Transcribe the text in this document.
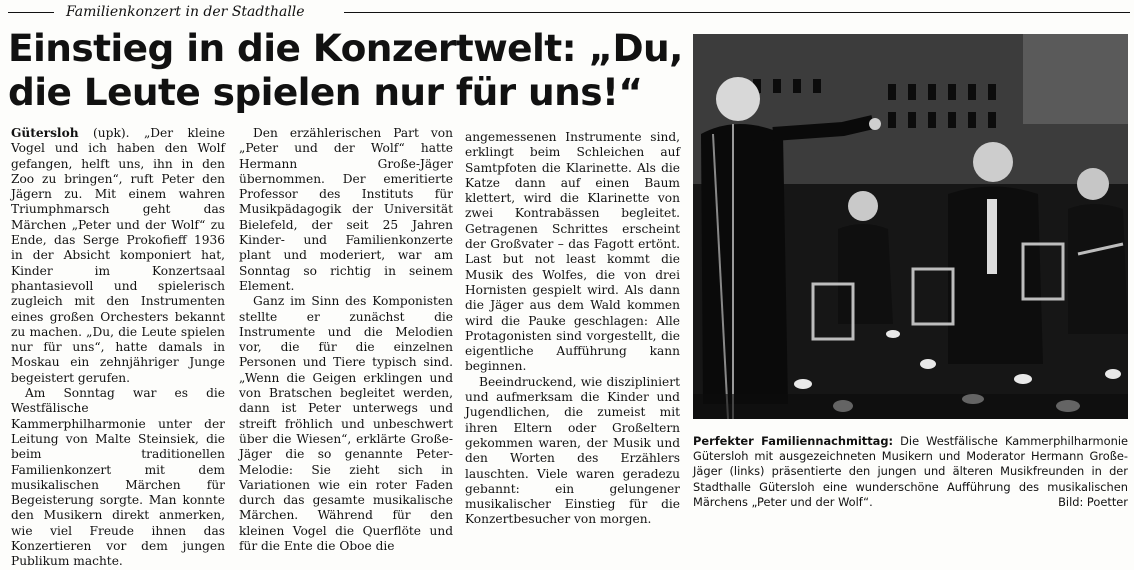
Familienkonzert in der Stadthalle
Einstieg in die Konzertwelt: „Du,
die Leute spielen nur für uns!“

Gütersloh (upk). „Der kleine Vogel und ich haben den Wolf gefangen, helft uns, ihn in den Zoo zu bringen“, ruft Peter den Jägern zu. Mit einem wahren Triumphmarsch geht das Märchen „Peter und der Wolf“ zu Ende, das Serge Prokofieff 1936 in der Absicht komponiert hat, Kinder im Konzertsaal phantasievoll und spielerisch zugleich mit den Instrumenten eines großen Orchesters bekannt zu machen. „Du, die Leute spielen nur für uns“, hatte damals in Moskau ein zehnjähriger Junge begeistert gerufen.

Am Sonntag war es die Westfälische Kammerphilharmonie unter der Leitung von Malte Steinsiek, die beim traditionellen Familienkonzert mit dem musikalischen Märchen für Begeisterung sorgte. Man konnte den Musikern direkt anmerken, wie viel Freude ihnen das Konzertieren vor dem jungen Publikum machte.

Den erzählerischen Part von „Peter und der Wolf“ hatte Hermann Große-Jäger übernommen. Der emeritierte Professor des Instituts für Musikpädagogik der Universität Bielefeld, der seit 25 Jahren Kinder- und Familienkonzerte plant und moderiert, war am Sonntag so richtig in seinem Element.

Ganz im Sinn des Komponisten stellte er zunächst die Instrumente und die Melodien vor, die für die einzelnen Personen und Tiere typisch sind. „Wenn die Geigen erklingen und von Bratschen begleitet werden, dann ist Peter unterwegs und streift fröhlich und unbeschwert über die Wiesen“, erklärte Große-Jäger die so genannte Peter-Melodie: Sie zieht sich in Variationen wie ein roter Faden durch das gesamte musikalische Märchen. Während für den kleinen Vogel die Querflöte und für die Ente die Oboe die

angemessenen Instrumente sind, erklingt beim Schleichen auf Samtpfoten die Klarinette. Als die Katze dann auf einen Baum klettert, wird die Klarinette von zwei Kontrabässen begleitet. Getragenen Schrittes erscheint der Großvater – das Fagott ertönt. Last but not least kommt die Musik des Wolfes, die von drei Hornisten gespielt wird. Als dann die Jäger aus dem Wald kommen wird die Pauke geschlagen: Alle Protagonisten sind vorgestellt, die eigentliche Aufführung kann beginnen.

Beeindruckend, wie diszipliniert und aufmerksam die Kinder und Jugendlichen, die zumeist mit ihren Eltern oder Großeltern gekommen waren, der Musik und den Worten des Erzählers lauschten. Viele waren geradezu gebannt: ein gelungener musikalischer Einstieg für die Konzertbesucher von morgen.

Perfekter Familiennachmittag: Die Westfälische Kammerphilharmonie Gütersloh mit ausgezeichneten Musikern und Moderator Hermann Große-Jäger (links) präsentierte den jungen und älteren Musikfreunden in der Stadthalle Gütersloh eine wunderschöne Aufführung des musikalischen Märchens „Peter und der Wolf“.	Bild: Poetter
